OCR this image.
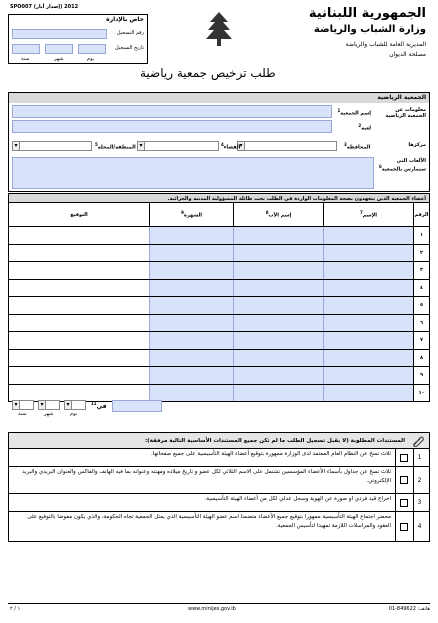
الجمهورية اللبنانية
وزارة الشباب والرياضة
المديرية العامة للشباب والرياضة
مصلحة الديوان
SPO007 (إصدار أيار) 2012
خاص بالإدارة
رقم التسجيل
تاريخ التسجيل
سنة	شهر	يوم
طلب ترخيص جمعية رياضية
الجمعية الرياضية
معلومات عن الجمعية الرياضية
إسم الجمعية$^1$
لعبة$^2$
مركزها
▾	المحافظة$^3$
▾	القضاء$^4$
▾	المنطقة/المحلة$^5$
الألعاب التي ستمارس بالجمعية$^6$
أعضاء الجمعية الذين يتعهدون بصحة المعلومات الواردة في الطلب تحت طائلة المسؤولية المدنية والجزائية.
الرقم	الإسم$^7$	إسم الأب$^8$	الشهرة$^9$	التوقيع
١				
٢				
٣				
٤				
٥				
٦				
٧				
٨				
٩				
١٠				
▾	▾	▾
سنة	شهر	يوم
في$^{11}$
المستندات المطلوبة (لا يقبل تسجيل الطلب ما لم تكن جميع المستندات الأساسية التالية مرفقة):
1
ثلاث نسخ عن النظام العام المعتمد لدى الوزارة ممهورة بتوقيع أعضاء الهيئة التأسيسية على جميع صفحاتها.
2
ثلاث نسخ عن جداول بأسماء الأعضاء المؤسسين تشتمل على الاسم الثلاثي لكل عضو و تاريخ ميلاده ومهنته وعنوانه بما فيه الهاتف والفاكس والعنوان البريدي والبريد الإلكتروني.
3
اخراج قيد فردي او صورة عن الهوية وسجل عدلي لكل من أعضاء الهيئة التأسيسية.
4
محضر اجتماع الهيئة التأسيسية ممهورا بتوقيع جميع الأعضاء متضمنا اسم عضو الهيئة التأسيسية الذي يمثل الجمعية تجاه الحكومة، والذي يكون مفوضا بالتوقيع على العقود والمراسلات اللازمة تمهيدا لتأسيس الجمعية.
هاتف: 849622-01
www.minijes.gov.lb
١ / ٢
